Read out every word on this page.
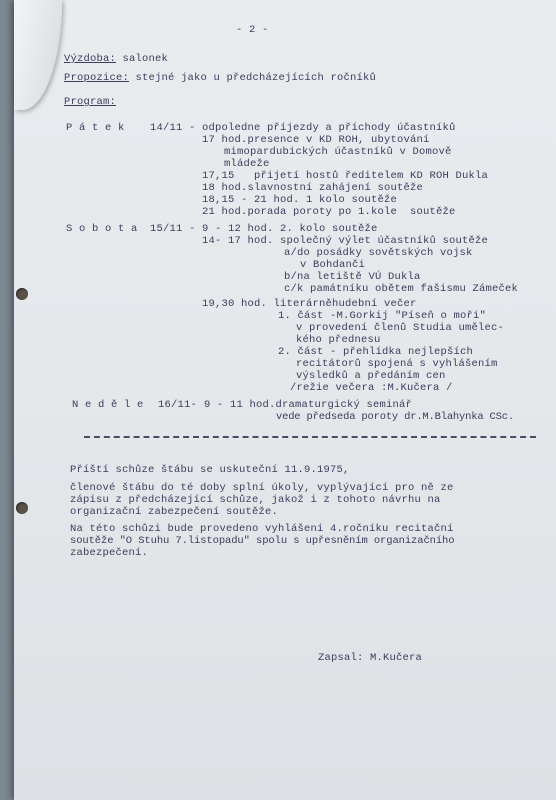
- 2 -
Výzdoba: salonek
Propozice: stejné jako u předcházejících ročníků
Program:
P á t e k 14/11 - odpoledne příjezdy a příchody účastníků
17 hod.presence v KD ROH, ubytování
mimopardubických účastníků v Domově
mládeže
17,15   přijetí hostů ředitelem KD ROH Dukla
18 hod.slavnostní zahájení soutěže
18,15 - 21 hod. 1 kolo soutěže
21 hod.porada poroty po 1.kole  soutěže
S o b o t a 15/11 - 9 - 12 hod. 2. kolo soutěže
14- 17 hod. společný výlet účastníků soutěže
a/do posádky sovětských vojsk
v Bohdanči
b/na letiště VÚ Dukla
c/k památníku obětem fašismu Zámeček
19,30 hod. literárněhudební večer
1. část -M.Gorkij "Píseň o moři"
v provedení členů Studia umělec-
kého přednesu
2. část - přehlídka nejlepších
recitátorů spojená s vyhlášením
výsledků a předáním cen
/režie večera :M.Kučera /
N e d ě l e 16/11- 9 - 11 hod.dramaturgický seminář
vede předseda poroty dr.M.Blahynka CSc.
Příští schůze štábu se uskuteční 11.9.1975,
členové štábu do té doby splní úkoly, vyplývající pro ně ze
zápisu z předcházející schůze, jakož i z tohoto návrhu na
organizační zabezpečení soutěže.
Na této schůzi bude provedeno vyhlášení 4.ročníku recitační
soutěže "O Stuhu 7.listopadu" spolu s upřesněním organizačního
zabezpečení.
Zapsal: M.Kučera
